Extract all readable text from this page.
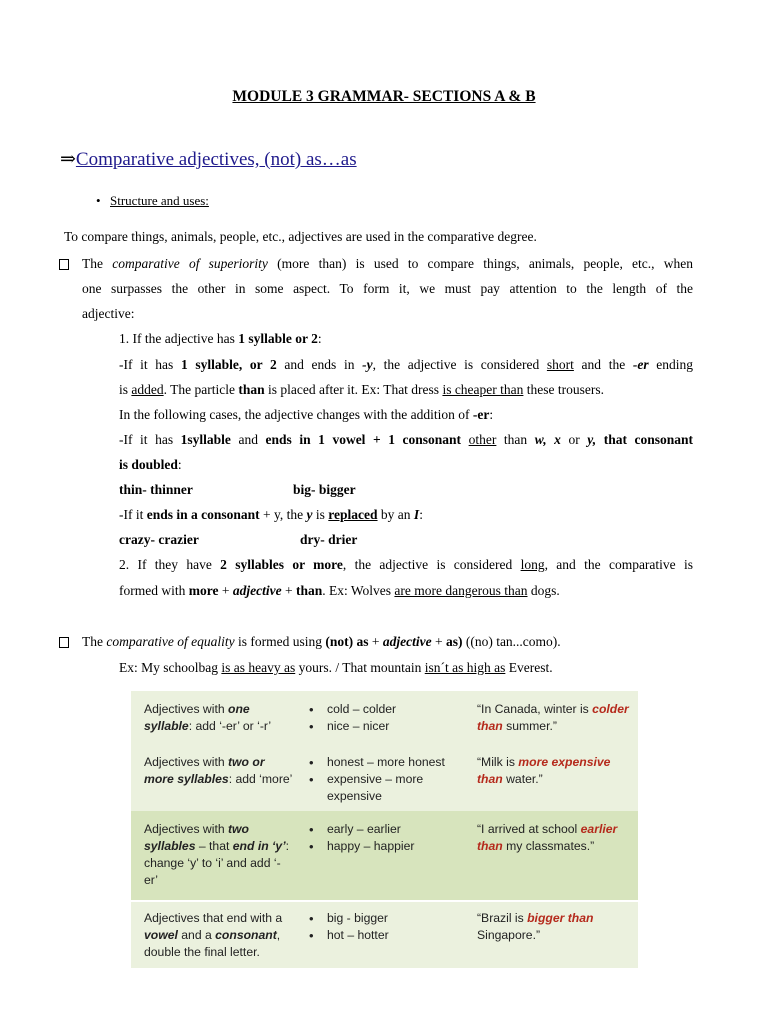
MODULE 3 GRAMMAR- SECTIONS A & B
⇒Comparative adjectives, (not) as…as
• Structure and uses:
To compare things, animals, people, etc., adjectives are used in the comparative degree.
The comparative of superiority (more than) is used to compare things, animals, people, etc., when
one surpasses the other in some aspect. To form it, we must pay attention to the length of the
adjective:
1. If the adjective has 1 syllable or 2:
-If it has 1 syllable, or 2 and ends in -y, the adjective is considered short and the -er ending
is added. The particle than is placed after it. Ex: That dress is cheaper than these trousers.
In the following cases, the adjective changes with the addition of -er:
-If it has 1syllable and ends in 1 vowel + 1 consonant other than w, x or y, that consonant
is doubled:
thin- thinner	big- bigger
-If it ends in a consonant + y, the y is replaced by an I:
crazy- crazier	dry- drier
2. If they have 2 syllables or more, the adjective is considered long, and the comparative is
formed with more + adjective + than. Ex: Wolves are more dangerous than dogs.
The comparative of equality is formed using (not) as + adjective + as) ((no) tan...como).
Ex: My schoolbag is as heavy as yours. / That mountain isn´t as high as Everest.
Adjectives with one syllable: add ‘-er’ or ‘-r’
• cold – colder
• nice – nicer
“In Canada, winter is colder than summer.”
Adjectives with two or more syllables: add ‘more’
• honest – more honest
• expensive – more expensive
“Milk is more expensive than water.”
Adjectives with two syllables – that end in ‘y’: change ‘y’ to ‘i’ and add ‘-er’
• early – earlier
• happy – happier
“I arrived at school earlier than my classmates.”
Adjectives that end with a vowel and a consonant, double the final letter.
• big - bigger
• hot – hotter
“Brazil is bigger than Singapore.”
